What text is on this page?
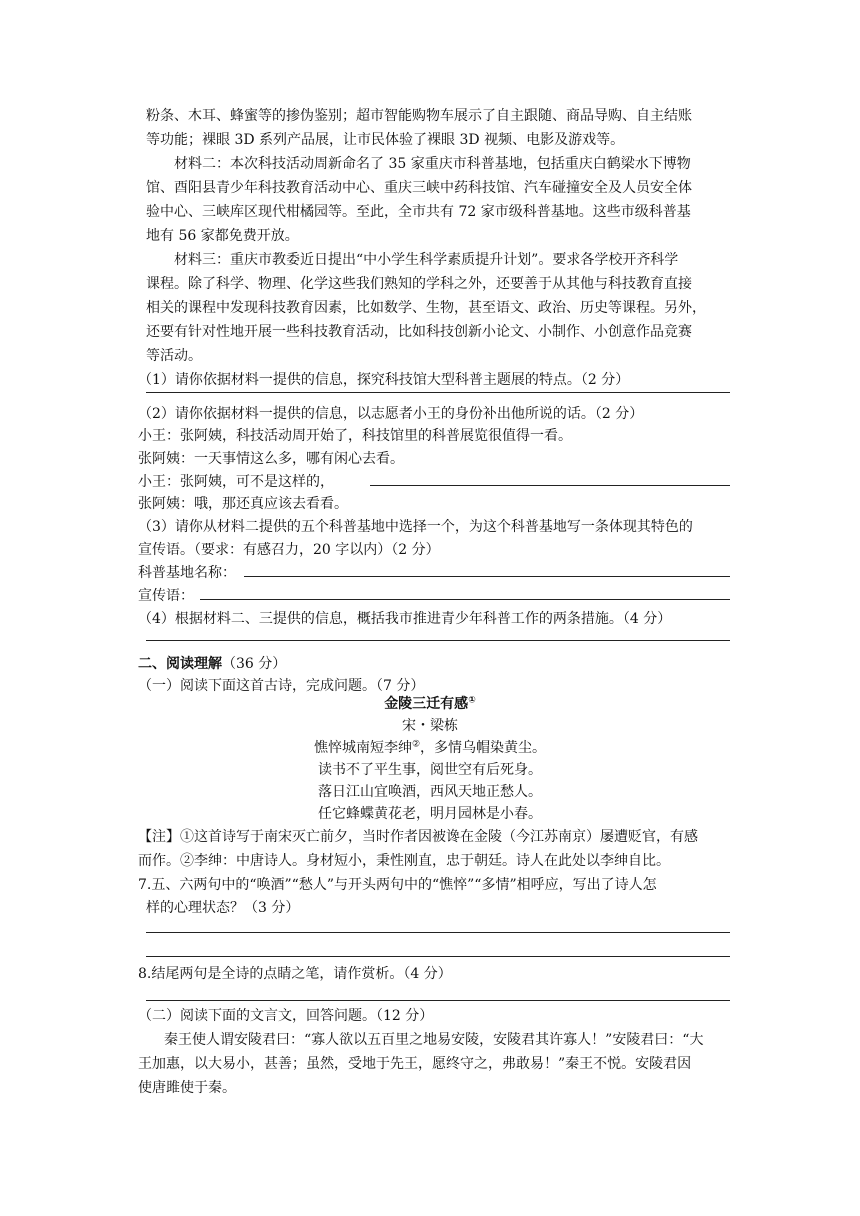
粉条、木耳、蜂蜜等的掺伪鉴别；超市智能购物车展示了自主跟随、商品导购、自主结账
等功能；裸眼 3D 系列产品展，让市民体验了裸眼 3D 视频、电影及游戏等。
材料二：本次科技活动周新命名了 35 家重庆市科普基地，包括重庆白鹤梁水下博物
馆、酉阳县青少年科技教育活动中心、重庆三峡中药科技馆、汽车碰撞安全及人员安全体
验中心、三峡库区现代柑橘园等。至此，全市共有 72 家市级科普基地。这些市级科普基
地有 56 家都免费开放。
材料三：重庆市教委近日提出“中小学生科学素质提升计划”。要求各学校开齐科学
课程。除了科学、物理、化学这些我们熟知的学科之外，还要善于从其他与科技教育直接
相关的课程中发现科技教育因素，比如数学、生物，甚至语文、政治、历史等课程。另外，
还要有针对性地开展一些科技教育活动，比如科技创新小论文、小制作、小创意作品竞赛
等活动。
（1）请你依据材料一提供的信息，探究科技馆大型科普主题展的特点。（2 分）
（2）请你依据材料一提供的信息，以志愿者小王的身份补出他所说的话。（2 分）
小王：张阿姨，科技活动周开始了，科技馆里的科普展览很值得一看。
张阿姨：一天事情这么多，哪有闲心去看。
小王：张阿姨，可不是这样的，
张阿姨：哦，那还真应该去看看。
（3）请你从材料二提供的五个科普基地中选择一个，为这个科普基地写一条体现其特色的
宣传语。（要求：有感召力，20 字以内）（2 分）
科普基地名称：
宣传语：
（4）根据材料二、三提供的信息，概括我市推进青少年科普工作的两条措施。（4 分）
二、阅读理解（36 分）
（一）阅读下面这首古诗，完成问题。（7 分）
金陵三迁有感①
宋・梁栋
憔悴城南短李绅②，多情乌帽染黄尘。
读书不了平生事，阅世空有后死身。
落日江山宜唤酒，西风天地正愁人。
任它蜂蝶黄花老，明月园林是小春。
【注】①这首诗写于南宋灭亡前夕，当时作者因被谗在金陵（今江苏南京）屡遭贬官，有感
而作。②李绅：中唐诗人。身材短小，秉性刚直，忠于朝廷。诗人在此处以李绅自比。
7.五、六两句中的“唤酒”“愁人”与开头两句中的“憔悴”“多情”相呼应，写出了诗人怎
样的心理状态？（3 分）
8.结尾两句是全诗的点睛之笔，请作赏析。（4 分）
（二）阅读下面的文言文，回答问题。（12 分）
秦王使人谓安陵君曰：“寡人欲以五百里之地易安陵，安陵君其许寡人！”安陵君曰：“大
王加惠，以大易小，甚善；虽然，受地于先王，愿终守之，弗敢易！”秦王不悦。安陵君因
使唐雎使于秦。
